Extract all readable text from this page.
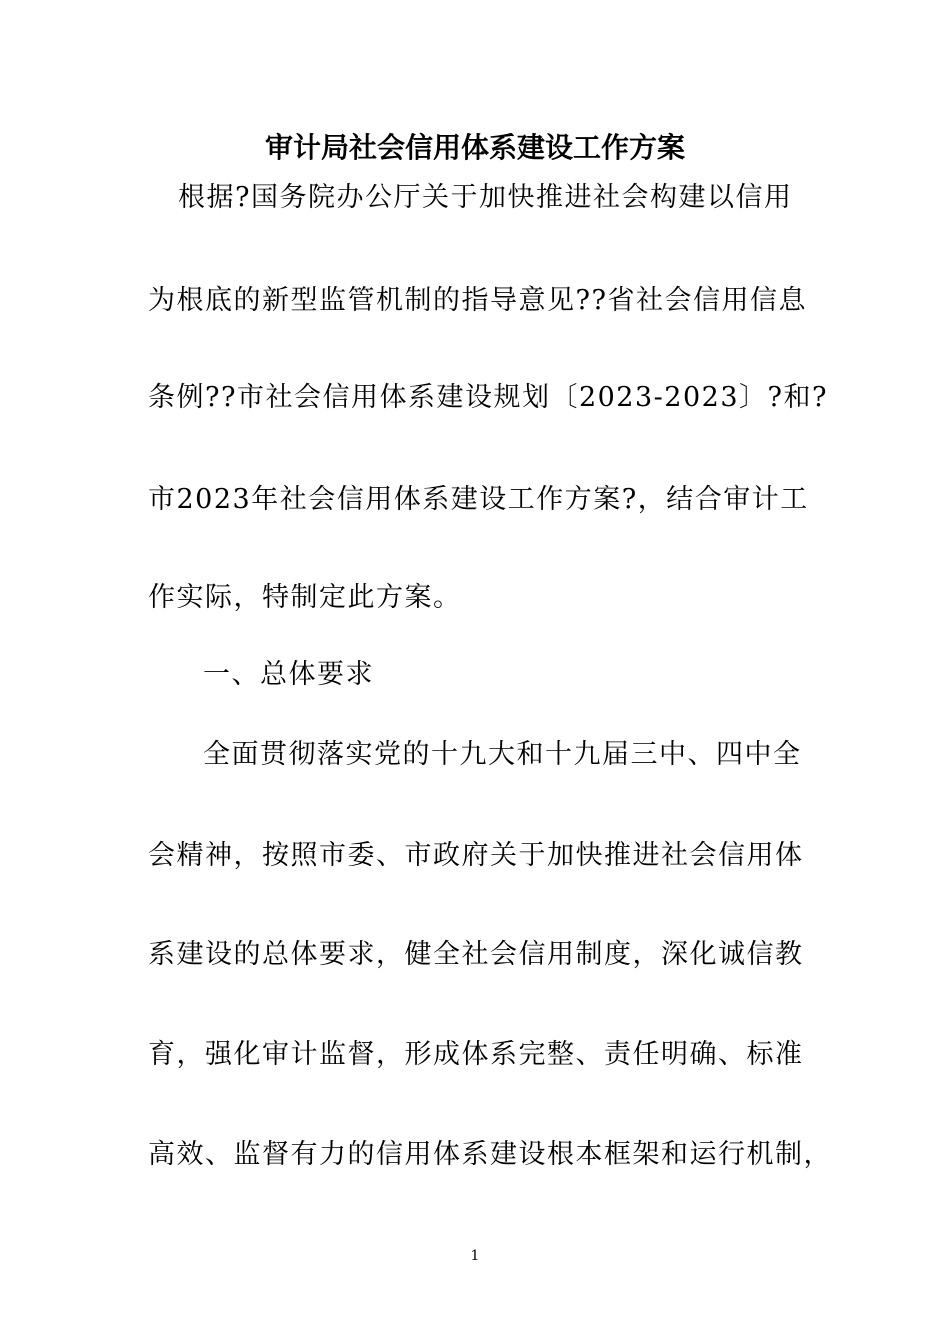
审计局社会信用体系建设工作方案
根据?国务院办公厅关于加快推进社会构建以信用
为根底的新型监管机制的指导意见??省社会信用信息
条例??市社会信用体系建设规划〔2023-2023〕?和?
市2023年社会信用体系建设工作方案?，结合审计工
作实际，特制定此方案。
一、总体要求
全面贯彻落实党的十九大和十九届三中、四中全
会精神，按照市委、市政府关于加快推进社会信用体
系建设的总体要求，健全社会信用制度，深化诚信教
育，强化审计监督，形成体系完整、责任明确、标准
高效、监督有力的信用体系建设根本框架和运行机制，
1
